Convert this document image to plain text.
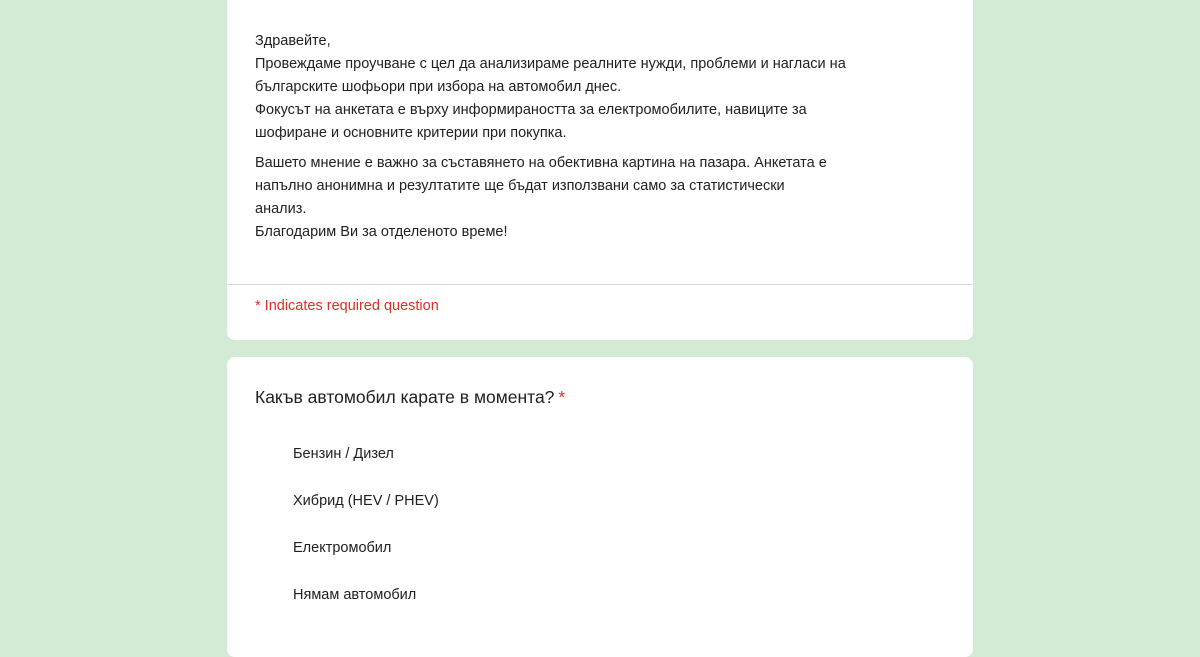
Здравейте,
Провеждаме проучване с цел да анализираме реалните нужди, проблеми и нагласи на
българските шофьори при избора на автомобил днес.
Фокусът на анкетата е върху информираността за електромобилите, навиците за
шофиране и основните критерии при покупка.

Вашето мнение е важно за съставянето на обективна картина на пазара. Анкетата е
напълно анонимна и резултатите ще бъдат използвани само за статистически
анализ.
Благодарим Ви за отделеното време!

* Indicates required question
Какъв автомобил карате в момента? *
Бензин / Дизел
Хибрид (HEV / PHEV)
Електромобил
Нямам автомобил
